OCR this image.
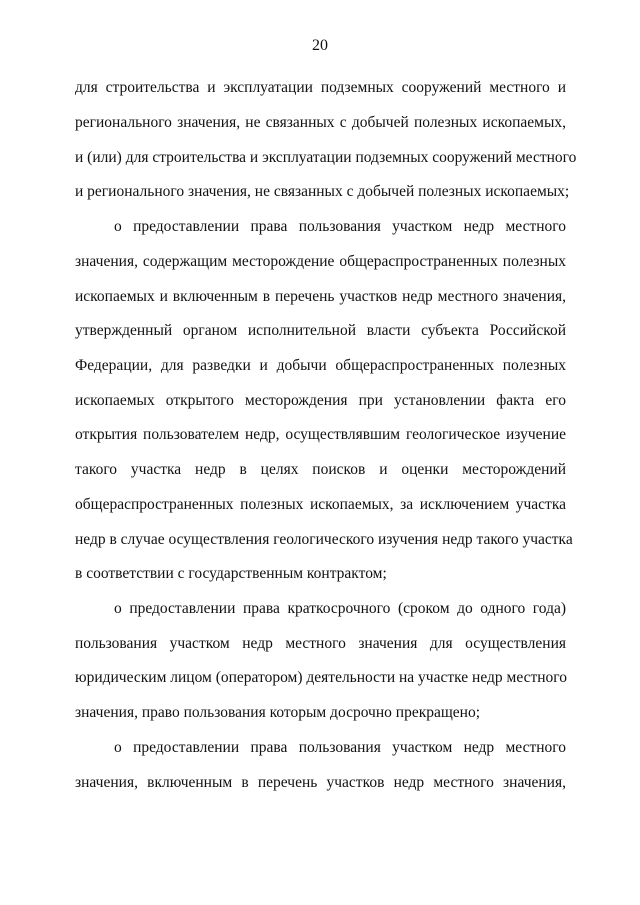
20
для строительства и эксплуатации подземных сооружений местного и
регионального значения, не связанных с добычей полезных ископаемых,
и (или) для строительства и эксплуатации подземных сооружений местного
и регионального значения, не связанных с добычей полезных ископаемых;
о предоставлении права пользования участком недр местного
значения, содержащим месторождение общераспространенных полезных
ископаемых и включенным в перечень участков недр местного значения,
утвержденный органом исполнительной власти субъекта Российской
Федерации, для разведки и добычи общераспространенных полезных
ископаемых открытого месторождения при установлении факта его
открытия пользователем недр, осуществлявшим геологическое изучение
такого участка недр в целях поисков и оценки месторождений
общераспространенных полезных ископаемых, за исключением участка
недр в случае осуществления геологического изучения недр такого участка
в соответствии с государственным контрактом;
о предоставлении права краткосрочного (сроком до одного года)
пользования участком недр местного значения для осуществления
юридическим лицом (оператором) деятельности на участке недр местного
значения, право пользования которым досрочно прекращено;
о предоставлении права пользования участком недр местного
значения, включенным в перечень участков недр местного значения,
